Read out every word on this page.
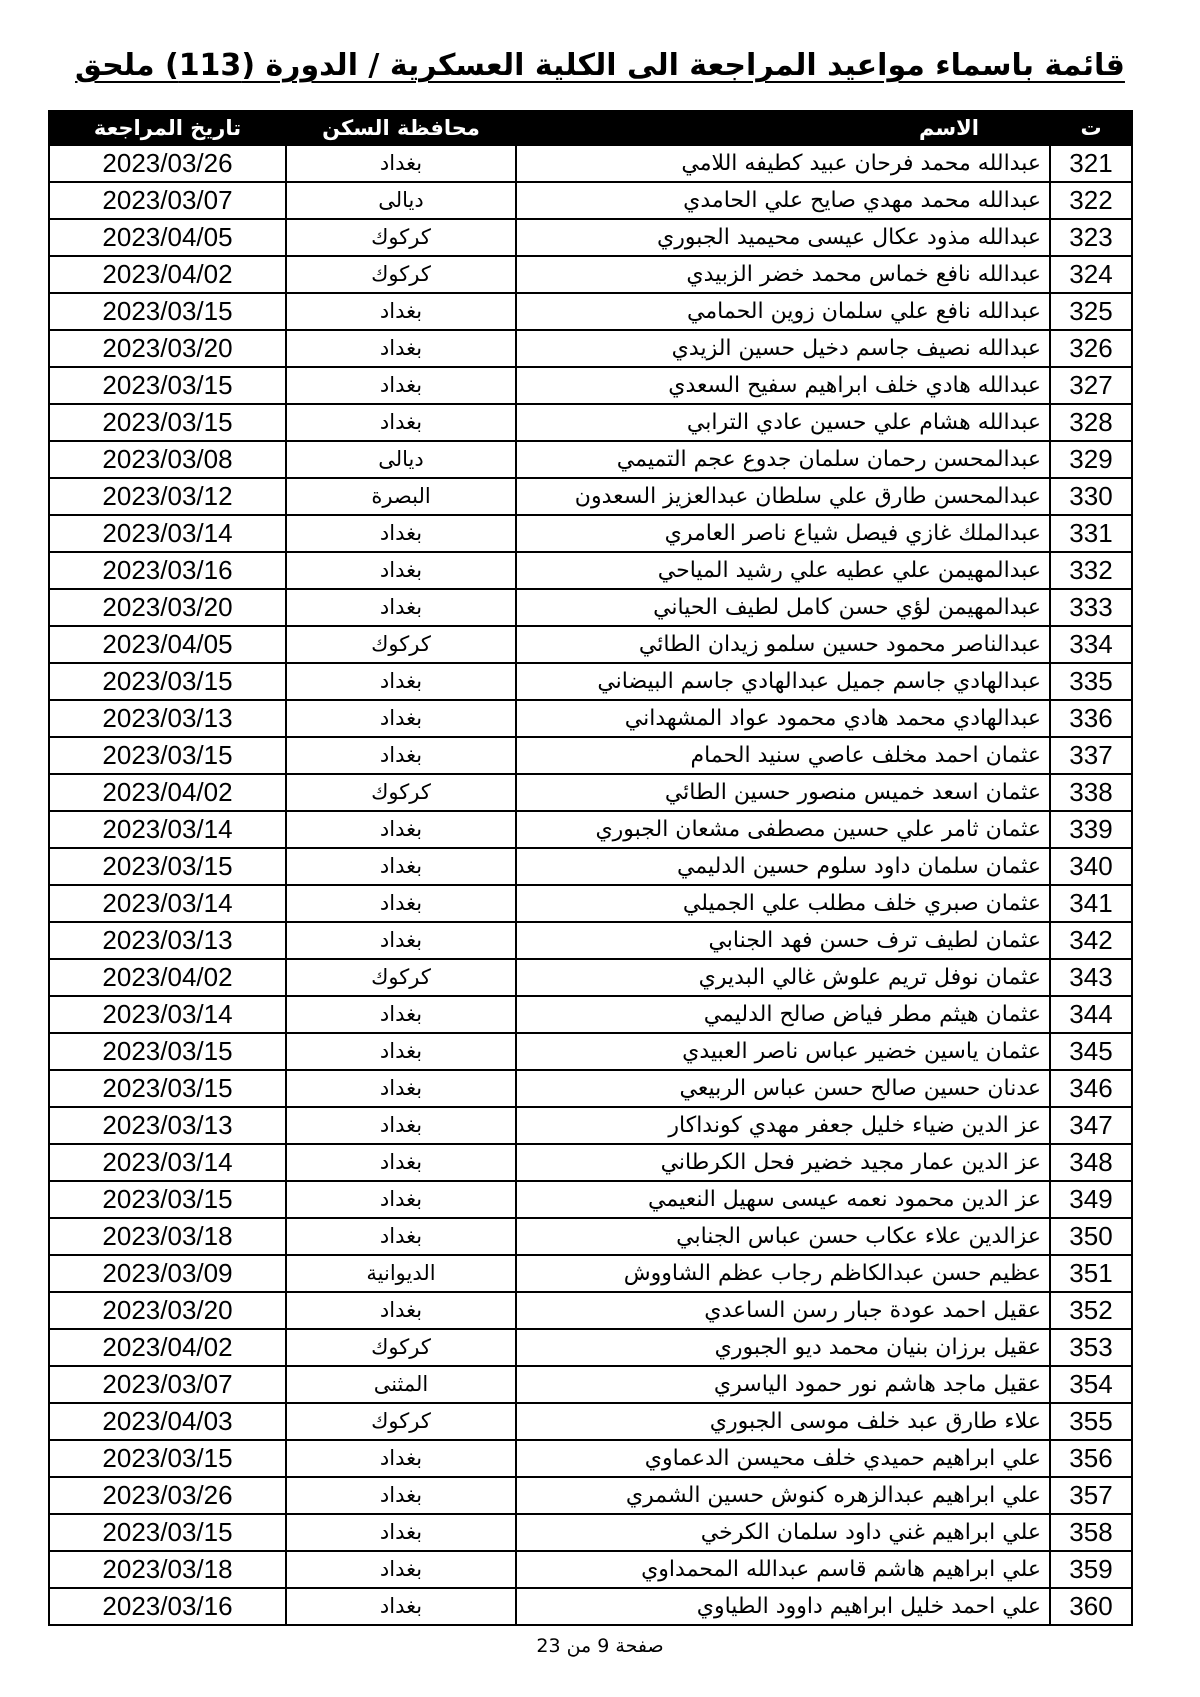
قائمة باسماء مواعيد المراجعة الى الكلية العسكرية / الدورة (113) ملحق
ت	الاسم	محافظة السكن	تاريخ المراجعة
321	عبدالله محمد فرحان عبيد كطيفه اللامي	بغداد	2023/03/26
322	عبدالله محمد مهدي صايح علي الحامدي	ديالى	2023/03/07
323	عبدالله مذود عكال عيسى محيميد الجبوري	كركوك	2023/04/05
324	عبدالله نافع خماس محمد خضر الزبيدي	كركوك	2023/04/02
325	عبدالله نافع علي سلمان زوين الحمامي	بغداد	2023/03/15
326	عبدالله نصيف جاسم دخيل حسين الزيدي	بغداد	2023/03/20
327	عبدالله هادي خلف ابراهيم سفيح السعدي	بغداد	2023/03/15
328	عبدالله هشام علي حسين عادي الترابي	بغداد	2023/03/15
329	عبدالمحسن رحمان سلمان جدوع عجم التميمي	ديالى	2023/03/08
330	عبدالمحسن طارق علي سلطان عبدالعزيز السعدون	البصرة	2023/03/12
331	عبدالملك غازي فيصل شياع ناصر العامري	بغداد	2023/03/14
332	عبدالمهيمن علي عطيه علي رشيد المياحي	بغداد	2023/03/16
333	عبدالمهيمن لؤي حسن كامل لطيف الحياني	بغداد	2023/03/20
334	عبدالناصر محمود حسين سلمو زيدان الطائي	كركوك	2023/04/05
335	عبدالهادي جاسم جميل عبدالهادي جاسم البيضاني	بغداد	2023/03/15
336	عبدالهادي محمد هادي محمود عواد المشهداني	بغداد	2023/03/13
337	عثمان احمد مخلف عاصي سنيد الحمام	بغداد	2023/03/15
338	عثمان اسعد خميس منصور حسين الطائي	كركوك	2023/04/02
339	عثمان ثامر علي حسين مصطفى مشعان الجبوري	بغداد	2023/03/14
340	عثمان سلمان داود سلوم حسين الدليمي	بغداد	2023/03/15
341	عثمان صبري خلف مطلب علي الجميلي	بغداد	2023/03/14
342	عثمان لطيف ترف حسن فهد الجنابي	بغداد	2023/03/13
343	عثمان نوفل تريم علوش غالي البديري	كركوك	2023/04/02
344	عثمان هيثم مطر فياض صالح الدليمي	بغداد	2023/03/14
345	عثمان ياسين خضير عباس ناصر العبيدي	بغداد	2023/03/15
346	عدنان حسين صالح حسن عباس الربيعي	بغداد	2023/03/15
347	عز الدين ضياء خليل جعفر مهدي كونداكار	بغداد	2023/03/13
348	عز الدين عمار مجيد خضير فحل الكرطاني	بغداد	2023/03/14
349	عز الدين محمود نعمه عيسى سهيل النعيمي	بغداد	2023/03/15
350	عزالدين علاء عكاب حسن عباس الجنابي	بغداد	2023/03/18
351	عظيم حسن عبدالكاظم رجاب عظم الشاووش	الديوانية	2023/03/09
352	عقيل احمد عودة جبار رسن الساعدي	بغداد	2023/03/20
353	عقيل برزان بنيان محمد ديو الجبوري	كركوك	2023/04/02
354	عقيل ماجد هاشم نور حمود الياسري	المثنى	2023/03/07
355	علاء طارق عبد خلف موسى الجبوري	كركوك	2023/04/03
356	علي ابراهيم حميدي خلف محيسن الدعماوي	بغداد	2023/03/15
357	علي ابراهيم عبدالزهره كنوش حسين الشمري	بغداد	2023/03/26
358	علي ابراهيم غني داود سلمان الكرخي	بغداد	2023/03/15
359	علي ابراهيم هاشم قاسم عبدالله المحمداوي	بغداد	2023/03/18
360	علي احمد خليل ابراهيم داوود الطياوي	بغداد	2023/03/16
صفحة 9 من 23
